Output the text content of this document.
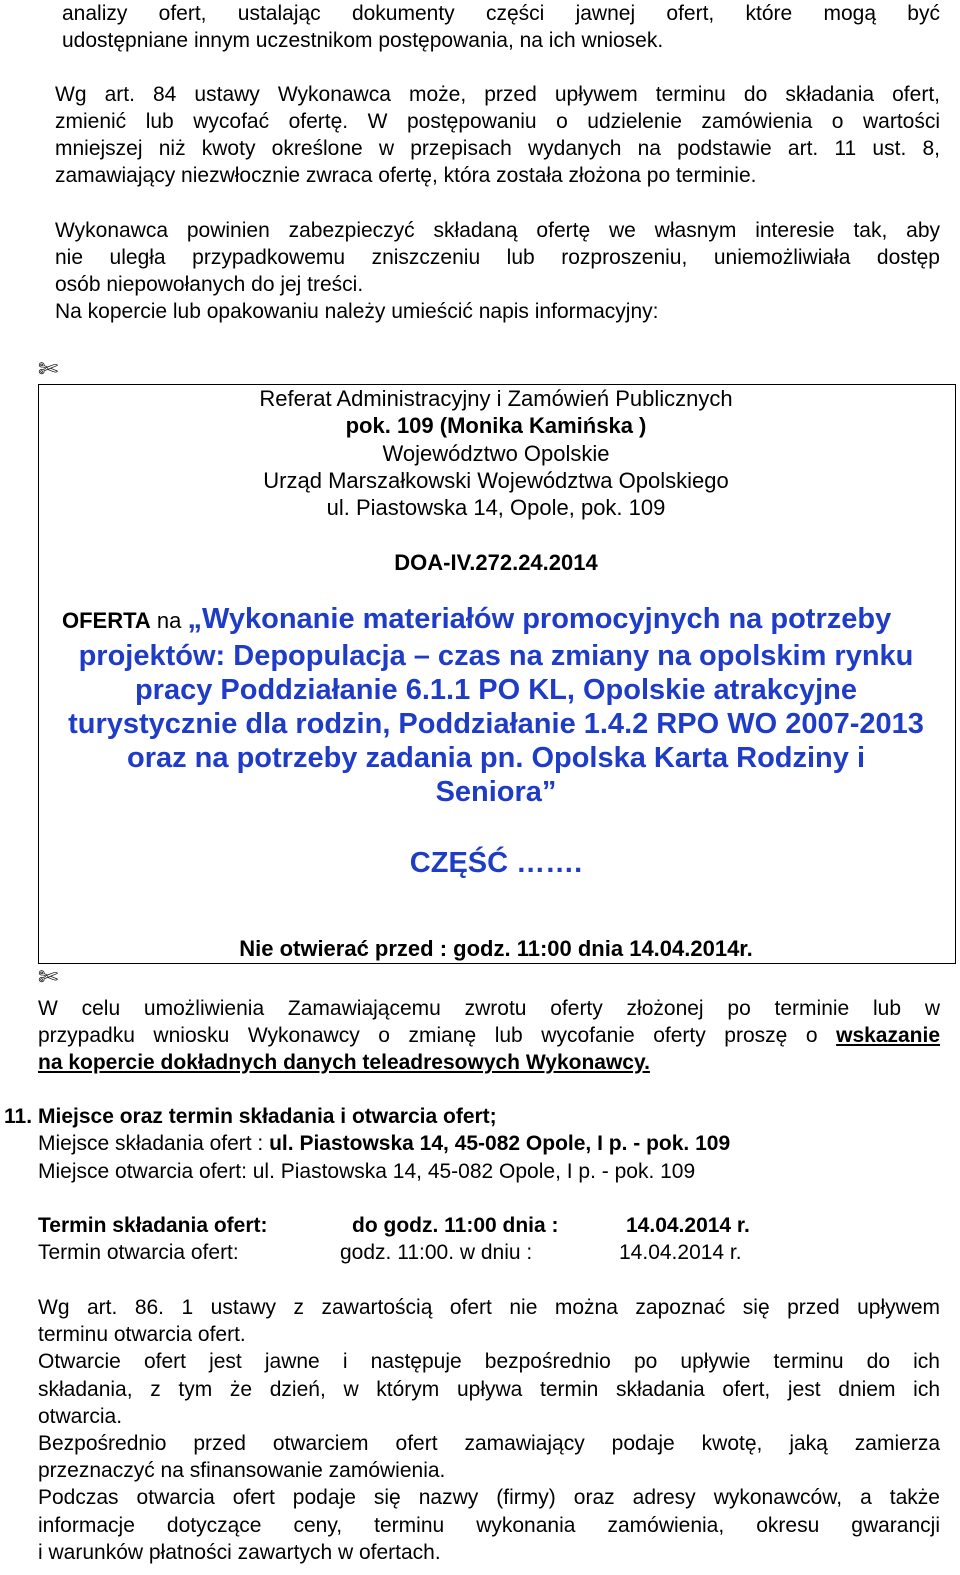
analizy ofert, ustalając dokumenty części jawnej ofert, które mogą być
udostępniane innym uczestnikom postępowania, na ich wniosek.
Wg art. 84 ustawy Wykonawca może, przed upływem terminu do składania ofert,
zmienić lub wycofać ofertę. W postępowaniu o udzielenie zamówienia o wartości
mniejszej niż kwoty określone w przepisach wydanych na podstawie art. 11 ust. 8,
zamawiający niezwłocznie zwraca ofertę, która została złożona po terminie.
Wykonawca powinien zabezpieczyć składaną ofertę we własnym interesie tak, aby
nie uległa przypadkowemu zniszczeniu lub rozproszeniu, uniemożliwiała dostęp
osób niepowołanych do jej treści.
Na kopercie lub opakowaniu należy umieścić napis informacyjny:
✄
Referat Administracyjny i Zamówień Publicznych
pok. 109 (Monika Kamińska )
Województwo Opolskie
Urząd Marszałkowski Województwa Opolskiego
ul. Piastowska 14, Opole, pok. 109
DOA-IV.272.24.2014
OFERTA na „Wykonanie materiałów promocyjnych na potrzeby
projektów: Depopulacja – czas na zmiany na opolskim rynku
pracy Poddziałanie 6.1.1 PO KL, Opolskie atrakcyjne
turystycznie dla rodzin, Poddziałanie 1.4.2 RPO WO 2007-2013
oraz na potrzeby zadania pn. Opolska Karta Rodziny i
Seniora”
CZĘŚĆ …….
Nie otwierać przed : godz. 11:00 dnia 14.04.2014r.
✄
W celu umożliwienia Zamawiającemu zwrotu oferty złożonej po terminie lub w
przypadku wniosku Wykonawcy o zmianę lub wycofanie oferty proszę o wskazanie
na kopercie dokładnych danych teleadresowych Wykonawcy.
11. Miejsce oraz termin składania i otwarcia ofert;
Miejsce składania ofert : ul. Piastowska 14, 45-082 Opole, I p. - pok. 109
Miejsce otwarcia ofert: ul. Piastowska 14, 45-082 Opole, I p. - pok. 109
Termin składania ofert:	do godz. 11:00 dnia :	14.04.2014 r.
Termin otwarcia ofert:	godz. 11:00. w dniu :	14.04.2014 r.
Wg art. 86. 1 ustawy z zawartością ofert nie można zapoznać się przed upływem
terminu otwarcia ofert.
Otwarcie ofert jest jawne i następuje bezpośrednio po upływie terminu do ich
składania, z tym że dzień, w którym upływa termin składania ofert, jest dniem ich
otwarcia.
Bezpośrednio przed otwarciem ofert zamawiający podaje kwotę, jaką zamierza
przeznaczyć na sfinansowanie zamówienia.
Podczas otwarcia ofert podaje się nazwy (firmy) oraz adresy wykonawców, a także
informacje dotyczące ceny, terminu wykonania zamówienia, okresu gwarancji
i warunków płatności zawartych w ofertach.
